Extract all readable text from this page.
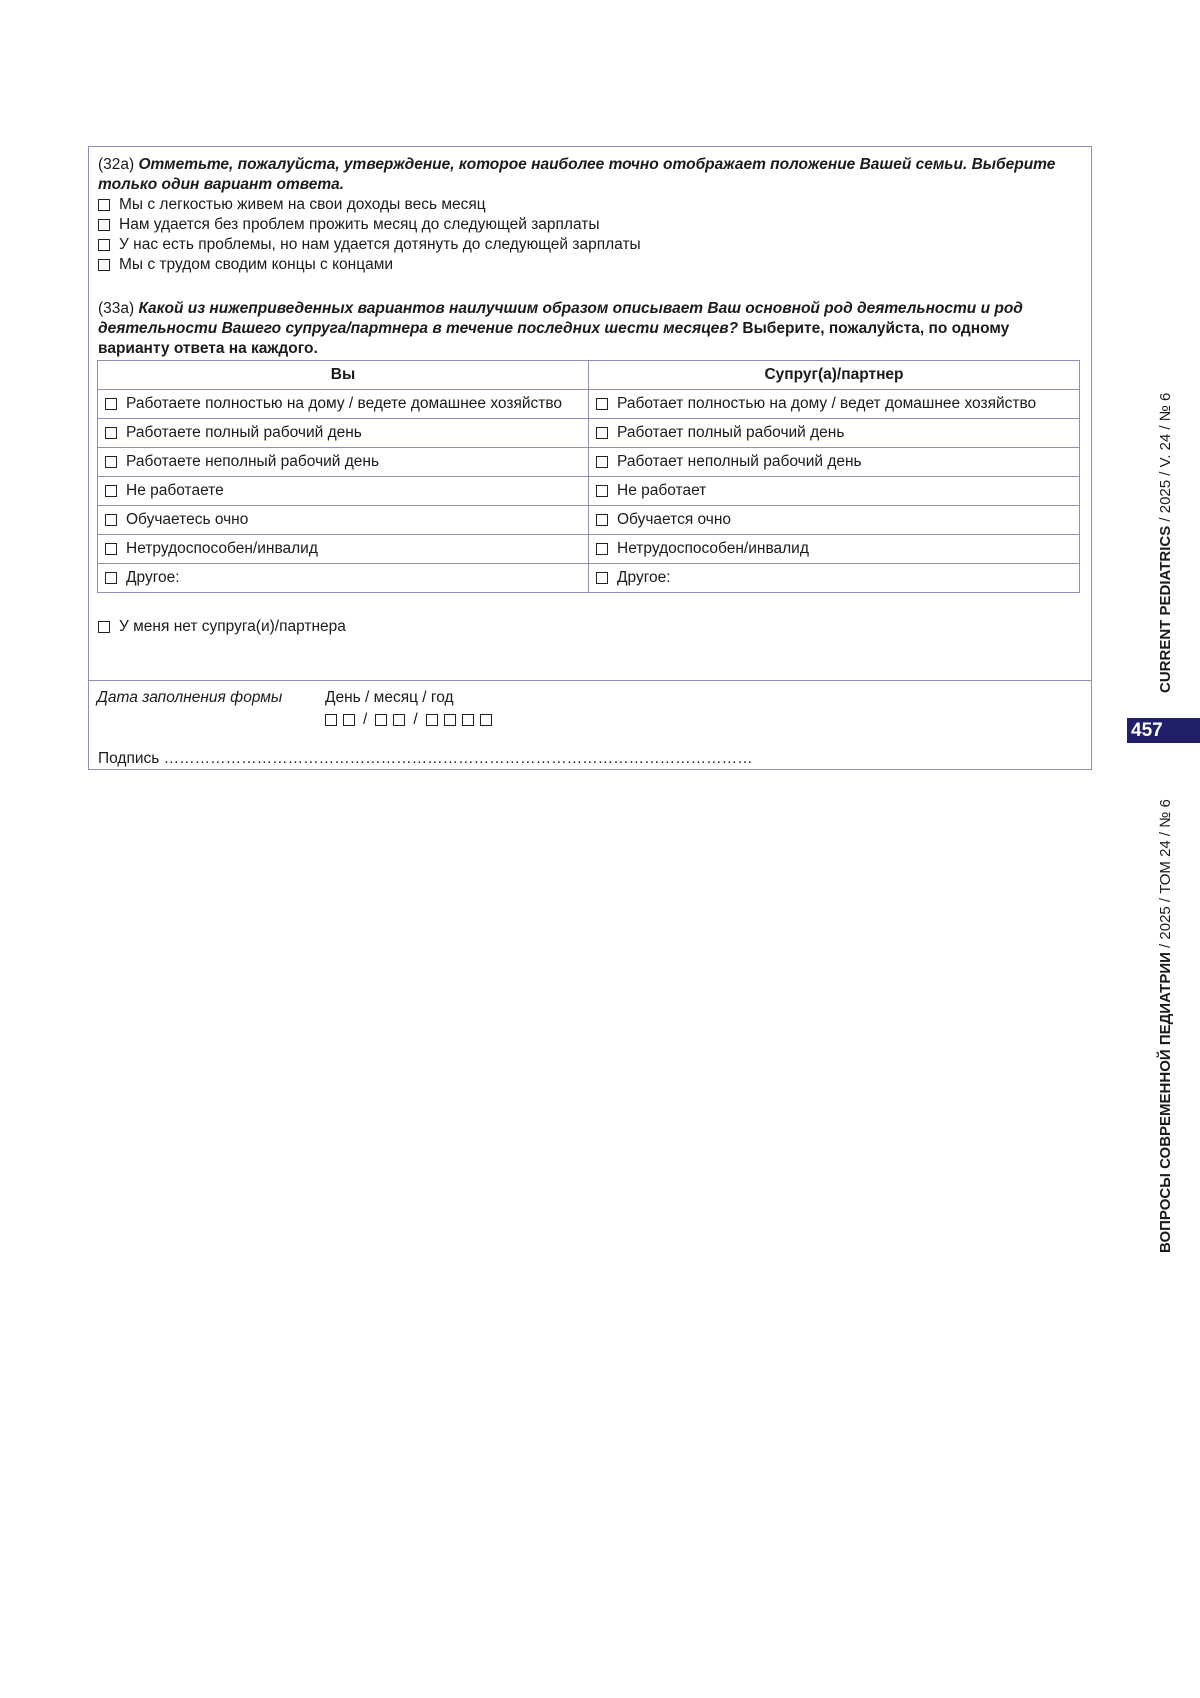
(32a) Отметьте, пожалуйста, утверждение, которое наиболее точно отображает положение Вашей семьи. Выберите только один вариант ответа.
Мы с легкостью живем на свои доходы весь месяц
Нам удается без проблем прожить месяц до следующей зарплаты
У нас есть проблемы, но нам удается дотянуть до следующей зарплаты
Мы с трудом сводим концы с концами
(33a) Какой из нижеприведенных вариантов наилучшим образом описывает Ваш основной род деятельности и род деятельности Вашего супруга/партнера в течение последних шести месяцев? Выберите, пожалуйста, по одному варианту ответа на каждого.
Вы	Супруг(а)/партнер

Работаете полностью на дому / ведете домашнее хозяйство	Работает полностью на дому / ведет домашнее хозяйство

Работаете полный рабочий день	Работает полный рабочий день

Работаете неполный рабочий день	Работает неполный рабочий день

Не работаете	Не работает

Обучаетесь очно	Обучается очно

Нетрудоспособен/инвалид	Нетрудоспособен/инвалид

Другое:	Другое:
У меня нет супруга(и)/партнера
Дата заполнения формы	День / месяц / год
/	/
Подпись ……………………………………………………………………………………………………
CURRENT PEDIATRICS / 2025 / V. 24 / № 6
457
ВОПРОСЫ СОВРЕМЕННОЙ ПЕДИАТРИИ / 2025 / ТОМ 24 / № 6
